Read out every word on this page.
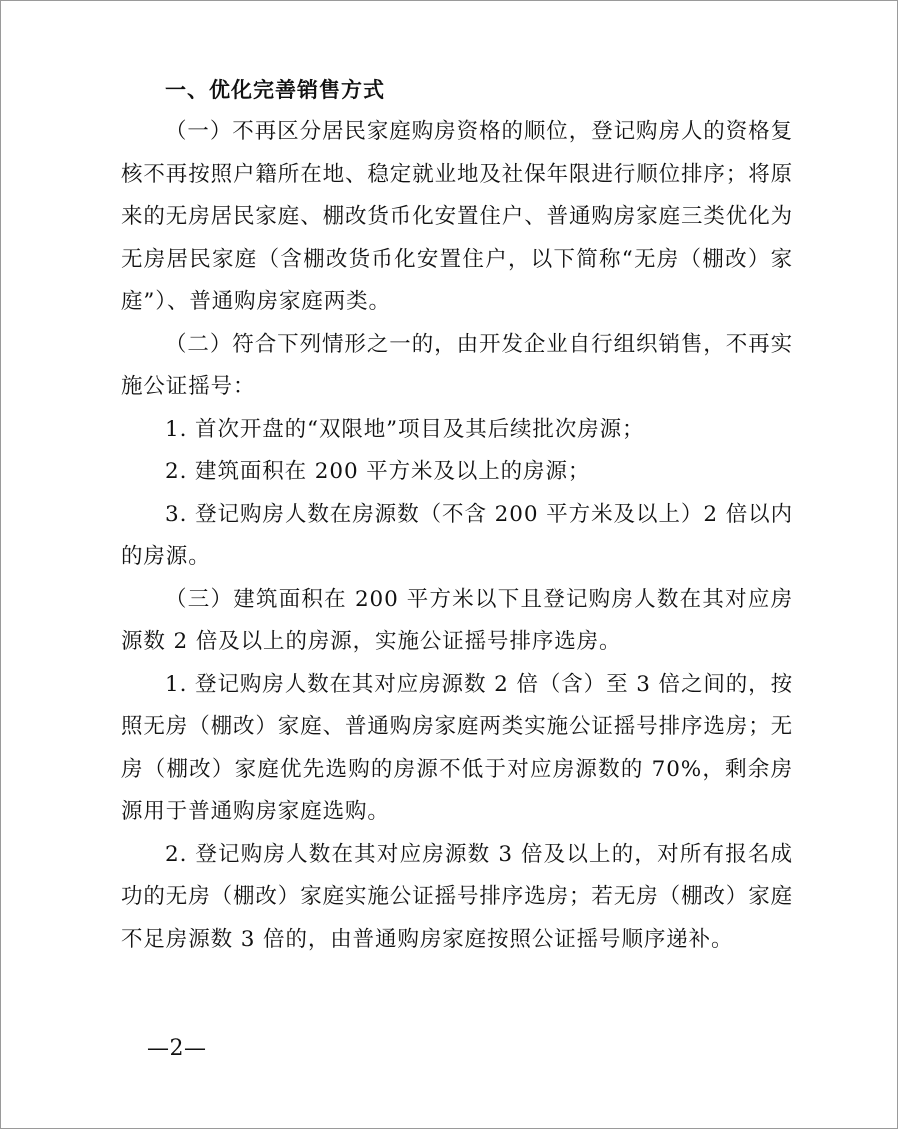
一、优化完善销售方式

（一）不再区分居民家庭购房资格的顺位，登记购房人的资格复核不再按照户籍所在地、稳定就业地及社保年限进行顺位排序；将原来的无房居民家庭、棚改货币化安置住户、普通购房家庭三类优化为无房居民家庭（含棚改货币化安置住户，以下简称“无房（棚改）家庭”）、普通购房家庭两类。

（二）符合下列情形之一的，由开发企业自行组织销售，不再实施公证摇号：

1. 首次开盘的“双限地”项目及其后续批次房源；

2. 建筑面积在 200 平方米及以上的房源；

3. 登记购房人数在房源数（不含 200 平方米及以上）2 倍以内的房源。

（三）建筑面积在 200 平方米以下且登记购房人数在其对应房源数 2 倍及以上的房源，实施公证摇号排序选房。

1. 登记购房人数在其对应房源数 2 倍（含）至 3 倍之间的，按照无房（棚改）家庭、普通购房家庭两类实施公证摇号排序选房；无房（棚改）家庭优先选购的房源不低于对应房源数的 70%，剩余房源用于普通购房家庭选购。

2. 登记购房人数在其对应房源数 3 倍及以上的，对所有报名成功的无房（棚改）家庭实施公证摇号排序选房；若无房（棚改）家庭不足房源数 3 倍的，由普通购房家庭按照公证摇号顺序递补。

—2—
